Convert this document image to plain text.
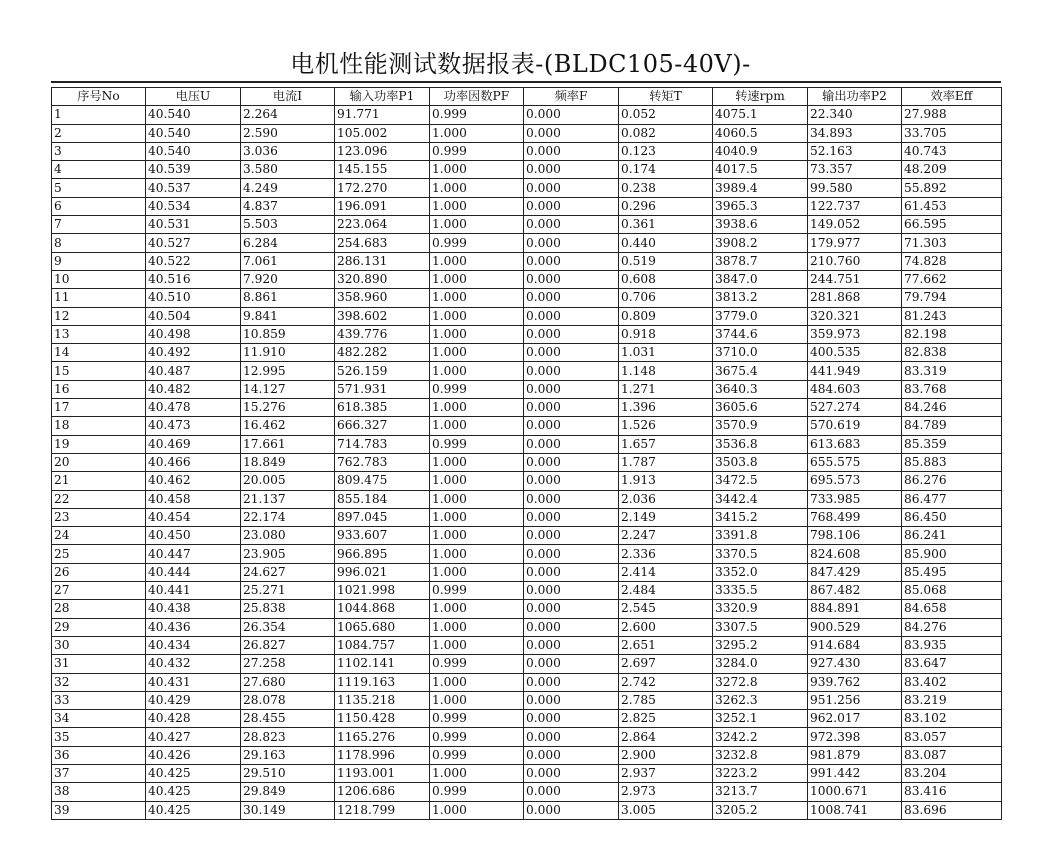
电机性能测试数据报表-(BLDC105-40V)-
序号No	电压U	电流I	输入功率P1	功率因数PF	频率F	转矩T	转速rpm	输出功率P2	效率Eff
1	40.540	2.264	91.771	0.999	0.000	0.052	4075.1	22.340	27.988
2	40.540	2.590	105.002	1.000	0.000	0.082	4060.5	34.893	33.705
3	40.540	3.036	123.096	0.999	0.000	0.123	4040.9	52.163	40.743
4	40.539	3.580	145.155	1.000	0.000	0.174	4017.5	73.357	48.209
5	40.537	4.249	172.270	1.000	0.000	0.238	3989.4	99.580	55.892
6	40.534	4.837	196.091	1.000	0.000	0.296	3965.3	122.737	61.453
7	40.531	5.503	223.064	1.000	0.000	0.361	3938.6	149.052	66.595
8	40.527	6.284	254.683	0.999	0.000	0.440	3908.2	179.977	71.303
9	40.522	7.061	286.131	1.000	0.000	0.519	3878.7	210.760	74.828
10	40.516	7.920	320.890	1.000	0.000	0.608	3847.0	244.751	77.662
11	40.510	8.861	358.960	1.000	0.000	0.706	3813.2	281.868	79.794
12	40.504	9.841	398.602	1.000	0.000	0.809	3779.0	320.321	81.243
13	40.498	10.859	439.776	1.000	0.000	0.918	3744.6	359.973	82.198
14	40.492	11.910	482.282	1.000	0.000	1.031	3710.0	400.535	82.838
15	40.487	12.995	526.159	1.000	0.000	1.148	3675.4	441.949	83.319
16	40.482	14.127	571.931	0.999	0.000	1.271	3640.3	484.603	83.768
17	40.478	15.276	618.385	1.000	0.000	1.396	3605.6	527.274	84.246
18	40.473	16.462	666.327	1.000	0.000	1.526	3570.9	570.619	84.789
19	40.469	17.661	714.783	0.999	0.000	1.657	3536.8	613.683	85.359
20	40.466	18.849	762.783	1.000	0.000	1.787	3503.8	655.575	85.883
21	40.462	20.005	809.475	1.000	0.000	1.913	3472.5	695.573	86.276
22	40.458	21.137	855.184	1.000	0.000	2.036	3442.4	733.985	86.477
23	40.454	22.174	897.045	1.000	0.000	2.149	3415.2	768.499	86.450
24	40.450	23.080	933.607	1.000	0.000	2.247	3391.8	798.106	86.241
25	40.447	23.905	966.895	1.000	0.000	2.336	3370.5	824.608	85.900
26	40.444	24.627	996.021	1.000	0.000	2.414	3352.0	847.429	85.495
27	40.441	25.271	1021.998	0.999	0.000	2.484	3335.5	867.482	85.068
28	40.438	25.838	1044.868	1.000	0.000	2.545	3320.9	884.891	84.658
29	40.436	26.354	1065.680	1.000	0.000	2.600	3307.5	900.529	84.276
30	40.434	26.827	1084.757	1.000	0.000	2.651	3295.2	914.684	83.935
31	40.432	27.258	1102.141	0.999	0.000	2.697	3284.0	927.430	83.647
32	40.431	27.680	1119.163	1.000	0.000	2.742	3272.8	939.762	83.402
33	40.429	28.078	1135.218	1.000	0.000	2.785	3262.3	951.256	83.219
34	40.428	28.455	1150.428	0.999	0.000	2.825	3252.1	962.017	83.102
35	40.427	28.823	1165.276	0.999	0.000	2.864	3242.2	972.398	83.057
36	40.426	29.163	1178.996	0.999	0.000	2.900	3232.8	981.879	83.087
37	40.425	29.510	1193.001	1.000	0.000	2.937	3223.2	991.442	83.204
38	40.425	29.849	1206.686	0.999	0.000	2.973	3213.7	1000.671	83.416
39	40.425	30.149	1218.799	1.000	0.000	3.005	3205.2	1008.741	83.696
